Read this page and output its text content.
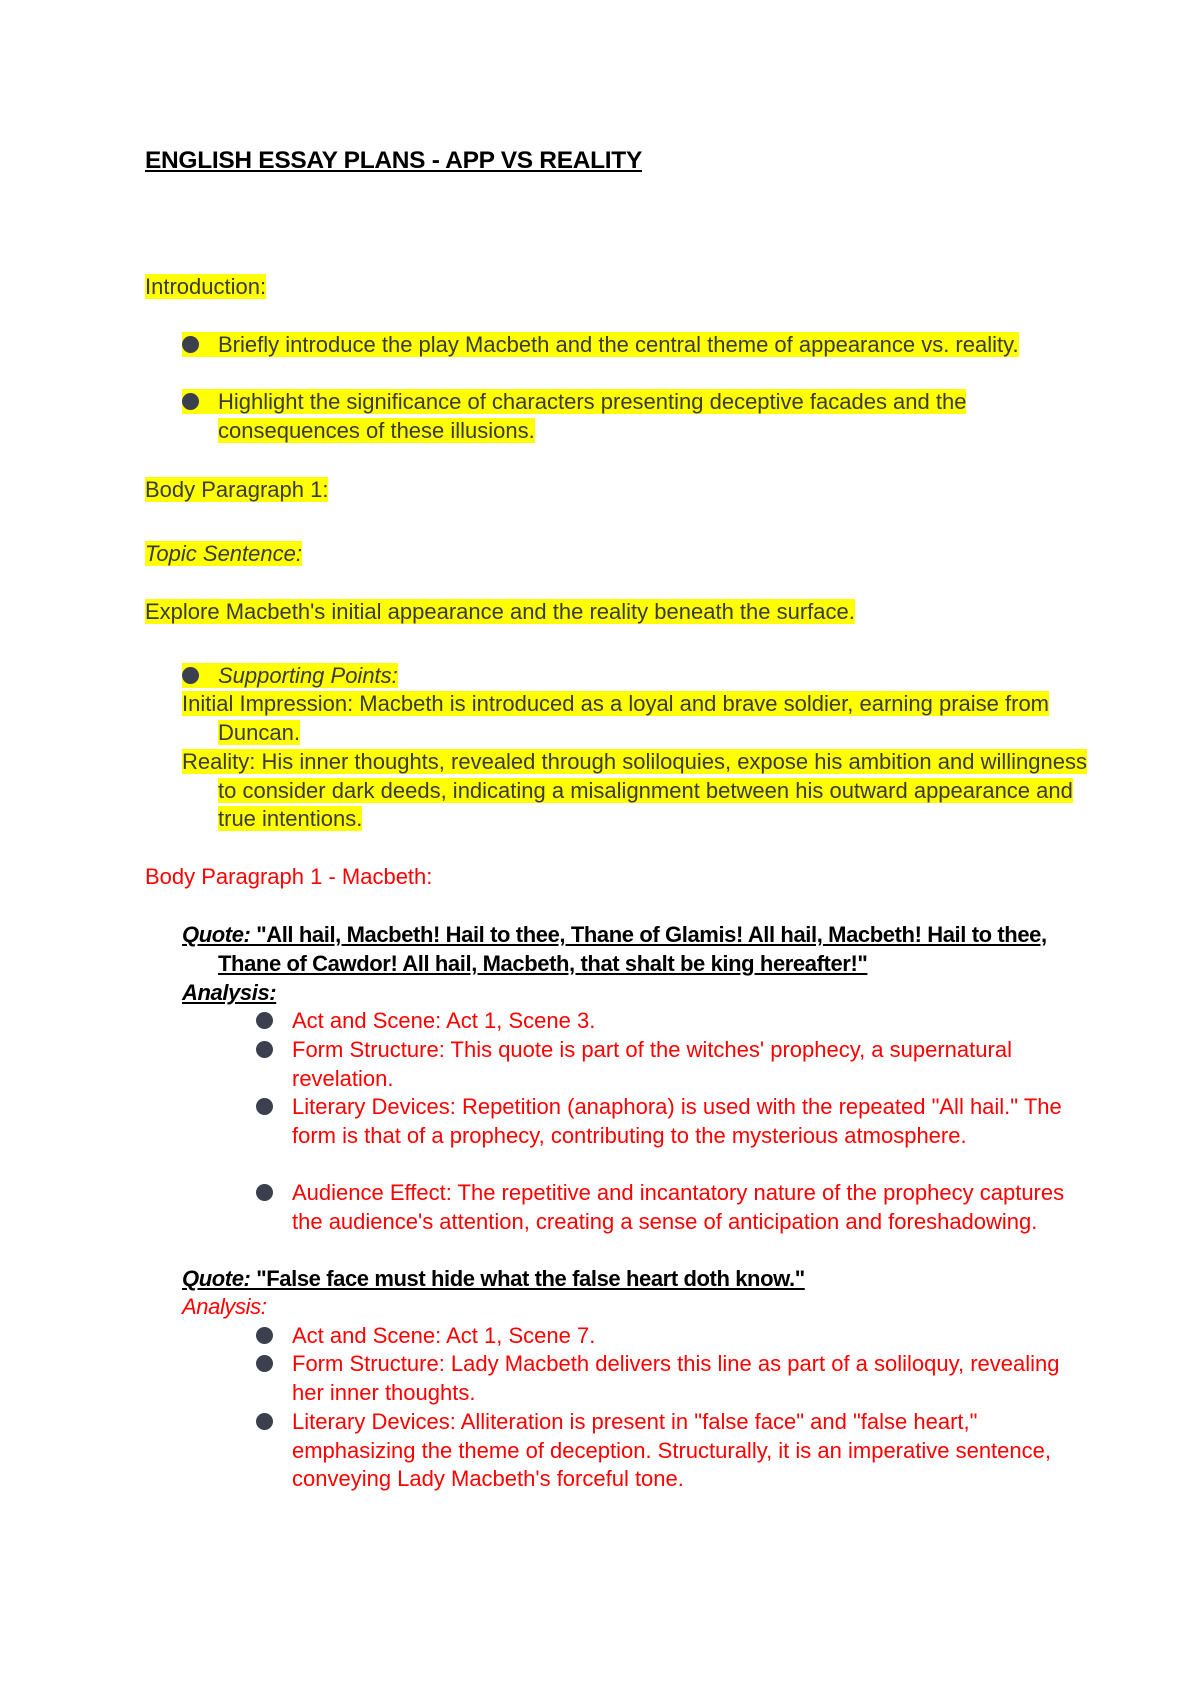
ENGLISH ESSAY PLANS - APP VS REALITY
Introduction:
Briefly introduce the play Macbeth and the central theme of appearance vs. reality.
Highlight the significance of characters presenting deceptive facades and the consequences of these illusions.
Body Paragraph 1:
Topic Sentence:
Explore Macbeth's initial appearance and the reality beneath the surface.
Supporting Points:
Initial Impression: Macbeth is introduced as a loyal and brave soldier, earning praise from Duncan.
Reality: His inner thoughts, revealed through soliloquies, expose his ambition and willingness to consider dark deeds, indicating a misalignment between his outward appearance and true intentions.
Body Paragraph 1 - Macbeth:
Quote: "All hail, Macbeth! Hail to thee, Thane of Glamis! All hail, Macbeth! Hail to thee, Thane of Cawdor! All hail, Macbeth, that shalt be king hereafter!"
Analysis:
Act and Scene: Act 1, Scene 3.
Form Structure: This quote is part of the witches' prophecy, a supernatural revelation.
Literary Devices: Repetition (anaphora) is used with the repeated "All hail." The form is that of a prophecy, contributing to the mysterious atmosphere.
Audience Effect: The repetitive and incantatory nature of the prophecy captures the audience's attention, creating a sense of anticipation and foreshadowing.
Quote: "False face must hide what the false heart doth know."
Analysis:
Act and Scene: Act 1, Scene 7.
Form Structure: Lady Macbeth delivers this line as part of a soliloquy, revealing her inner thoughts.
Literary Devices: Alliteration is present in "false face" and "false heart," emphasizing the theme of deception. Structurally, it is an imperative sentence, conveying Lady Macbeth's forceful tone.
